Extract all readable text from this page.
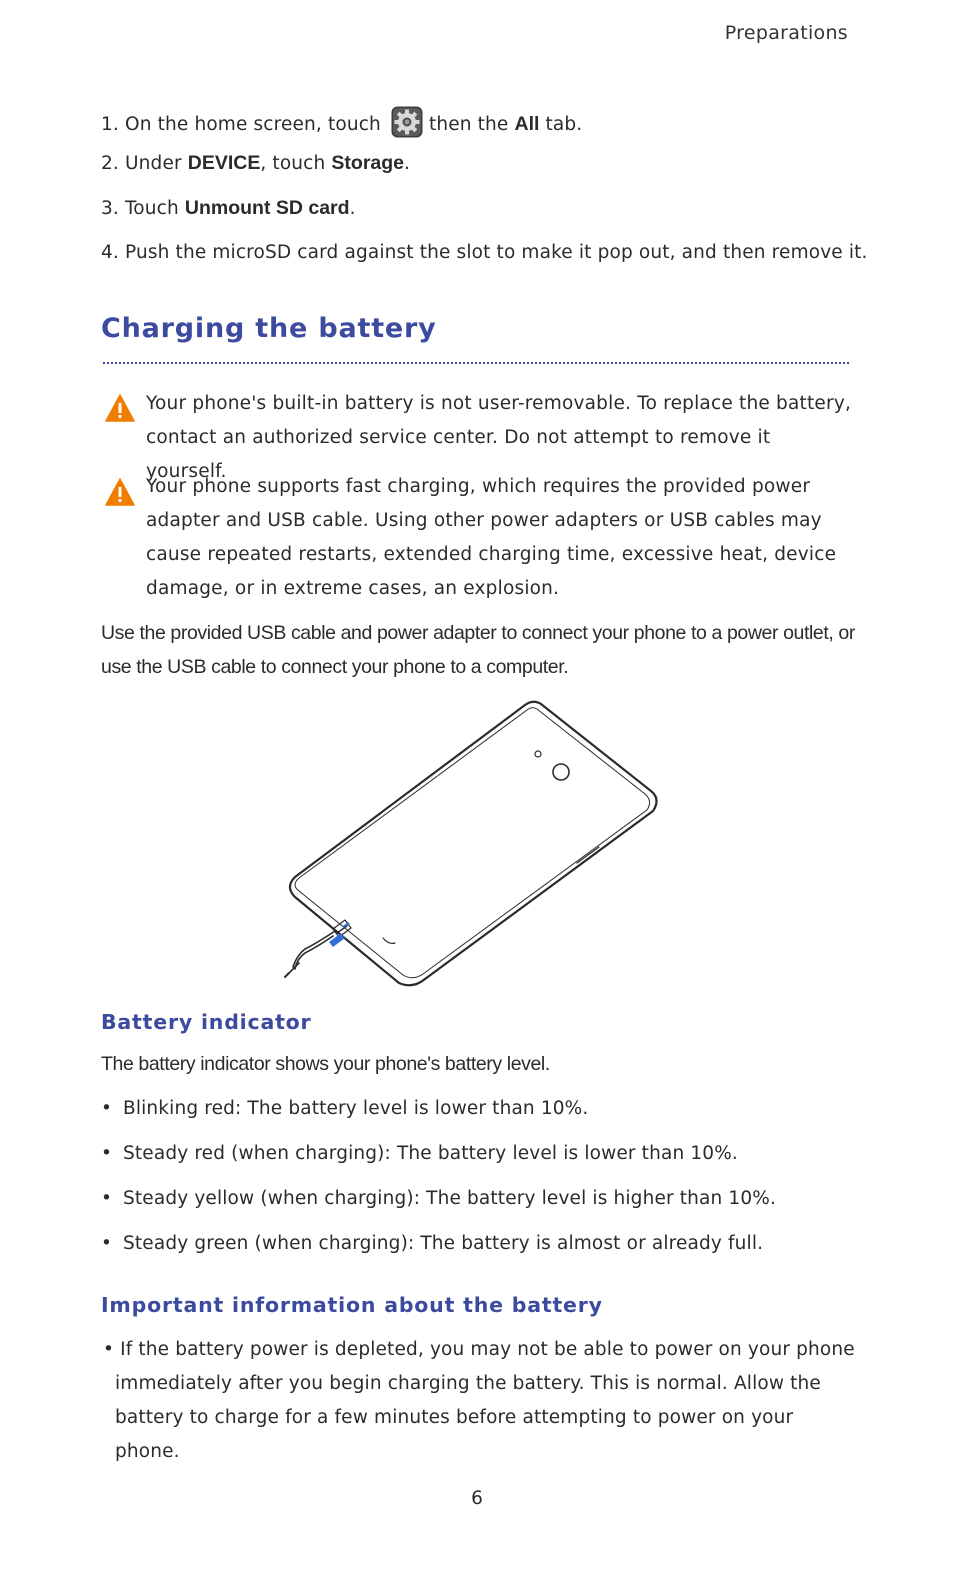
Preparations
1. On the home screen, touch	then the All tab.
2. Under DEVICE, touch Storage.
3. Touch Unmount SD card.
4. Push the microSD card against the slot to make it pop out, and then remove it.
Charging the battery
Your phone's built-in battery is not user-removable. To replace the battery, contact an authorized service center. Do not attempt to remove it yourself.
Your phone supports fast charging, which requires the provided power adapter and USB cable. Using other power adapters or USB cables may cause repeated restarts, extended charging time, excessive heat, device damage, or in extreme cases, an explosion.
Use the provided USB cable and power adapter to connect your phone to a power outlet, or use the USB cable to connect your phone to a computer.
Battery indicator
The battery indicator shows your phone's battery level.
• Blinking red: The battery level is lower than 10%.
• Steady red (when charging): The battery level is lower than 10%.
• Steady yellow (when charging): The battery level is higher than 10%.
• Steady green (when charging): The battery is almost or already full.
Important information about the battery
• If the battery power is depleted, you may not be able to power on your phone immediately after you begin charging the battery. This is normal. Allow the battery to charge for a few minutes before attempting to power on your phone.
6
